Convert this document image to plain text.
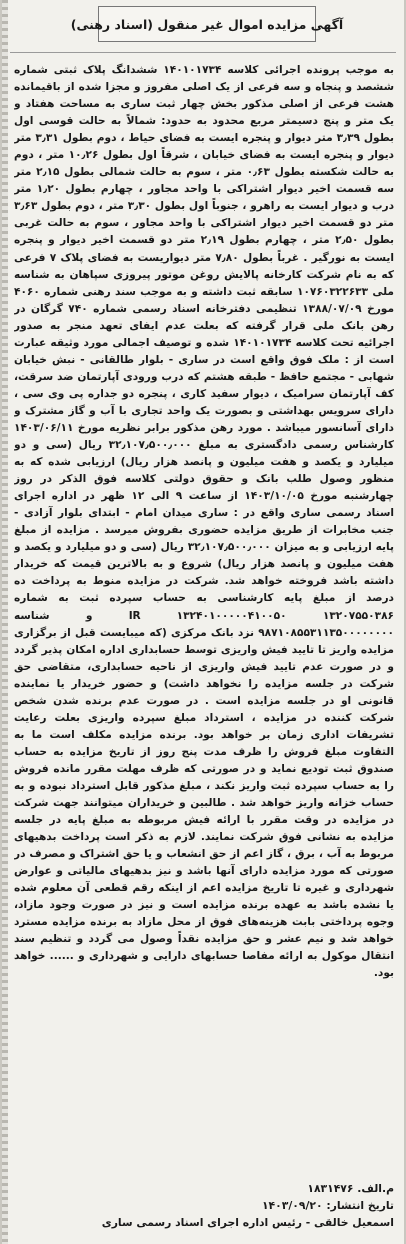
آگهی مزایده اموال غیر منقول (اسناد رهنی)

به موجب پرونده اجرائی کلاسه ۱۴۰۱۰۱۷۳۴ ششدانگ پلاک ثبتی شماره ششصد و پنجاه و سه فرعی از یک اصلی مفروز و مجزا شده از باقیمانده هشت فرعی از اصلی مذکور بخش چهار ثبت ساری به مساحت هفتاد و یک متر و پنج دسیمتر مربع محدود به حدود: شمالاً به حالت قوسی اول بطول ۳٫۳۹ متر دیوار و پنجره ایست به فضای حیاط ، دوم بطول ۳٫۳۱ متر دیوار و پنجره ایست به فضای خیابان ، شرقاً اول بطول ۱۰٫۲۶ متر ، دوم به حالت شکسته بطول ۰٫۶۳ متر ، سوم به حالت شمالی بطول ۲٫۱۵ متر سه قسمت اخیر دیوار اشتراکی با واحد مجاور ، چهارم بطول ۱٫۲۰ متر درب و دیوار ایست به راهرو ، جنوباً اول بطول ۳٫۳۰ متر ، دوم بطول ۳٫۶۳ متر دو قسمت اخیر دیوار اشتراکی با واحد مجاور ، سوم به حالت غربی بطول ۲٫۵۰ متر ، چهارم بطول ۲٫۱۹ متر دو قسمت اخیر دیوار و پنجره ایست به نورگیر . غرباً بطول ۷٫۸۰ متر دیواریست به فضای پلاک ۷ فرعی که به نام شرکت کارخانه پالایش روغن موتور پیروزی سپاهان به شناسه ملی ۱۰۷۶۰۳۲۲۶۳۳ سابقه ثبت داشته و به موجب سند رهنی شماره ۴۰۶۰ مورخ ۱۳۸۸/۰۷/۰۹ تنظیمی دفترخانه اسناد رسمی شماره ۷۴۰ گرگان در رهن بانک ملی قرار گرفته که بعلت عدم ایفای تعهد منجر به صدور اجرائیه تحت کلاسه ۱۴۰۱۰۱۷۳۴ شده و توصیف اجمالی مورد وثیقه عبارت است از : ملک فوق واقع است در ساری - بلوار طالقانی - نبش خیابان شهابی - مجتمع حافظ - طبقه هشتم که درب ورودی آپارتمان ضد سرقت، کف آپارتمان سرامیک ، دیوار سفید کاری ، پنجره دو جداره پی وی سی ، دارای سرویس بهداشتی و بصورت یک واحد تجاری با آب و گاز مشترک و دارای آسانسور میباشد . مورد رهن مذکور برابر نظریه مورخ ۱۴۰۳/۰۶/۱۱ کارشناس رسمی دادگستری به مبلغ ۳۲٫۱۰۷٫۵۰۰٫۰۰۰ ریال (سی و دو میلیارد و یکصد و هفت میلیون و پانصد هزار ریال) ارزیابی شده که به منظور وصول طلب بانک و حقوق دولتی کلاسه فوق الذکر در روز چهارشنبه مورخ ۱۴۰۳/۱۰/۰۵ از ساعت ۹ الی ۱۲ ظهر در اداره اجرای اسناد رسمی ساری واقع در : ساری میدان امام - ابتدای بلوار آزادی - جنب مخابرات از طریق مزایده حضوری بفروش میرسد . مزایده از مبلغ پایه ارزیابی و به میزان ۳۲٫۱۰۷٫۵۰۰٫۰۰۰ ریال (سی و دو میلیارد و یکصد و هفت میلیون و پانصد هزار ریال) شروع و به بالاترین قیمت که خریدار داشته باشد فروخته خواهد شد. شرکت در مزایده منوط به پرداخت ده درصد از مبلغ پایه کارشناسی به حساب سپرده ثبت به شماره ۱۳۲۰۷۵۵۰۳۸۶ IR ۱۳۲۴۰۱۰۰۰۰۰۴۱۰۰۵۰ و شناسه ۹۸۷۱۰۸۵۵۳۱۱۳۵۰۰۰۰۰۰۰۰ نزد بانک مرکزی (که میبایست قبل از برگزاری مزایده واریز تا تایید فیش واریزی توسط حسابداری اداره امکان پذیر گردد و در صورت عدم تایید فیش واریزی از ناحیه حسابداری، متقاضی حق شرکت در جلسه مزایده را نخواهد داشت) و حضور خریدار یا نماینده قانونی او در جلسه مزایده است . در صورت عدم برنده شدن شخص شرکت کننده در مزایده ، استرداد مبلغ سپرده واریزی بعلت رعایت تشریفات اداری زمان بر خواهد بود. برنده مزایده مکلف است ما به التفاوت مبلغ فروش را ظرف مدت پنج روز از تاریخ مزایده به حساب صندوق ثبت تودیع نماید و در صورتی که ظرف مهلت مقرر مانده فروش را به حساب سپرده ثبت واریز نکند ، مبلغ مذکور قابل استرداد نبوده و به حساب خزانه واریز خواهد شد . طالبین و خریداران میتوانند جهت شرکت در مزایده در وقت مقرر با ارائه فیش مربوطه به مبلغ پایه در جلسه مزایده به نشانی فوق شرکت نمایند. لازم به ذکر است پرداخت بدهیهای مربوط به آب ، برق ، گاز اعم از حق انشعاب و یا حق اشتراک و مصرف در صورتی که مورد مزایده دارای آنها باشد و نیز بدهیهای مالیاتی و عوارض شهرداری و غیره تا تاریخ مزایده اعم از اینکه رقم قطعی آن معلوم شده یا نشده باشد به عهده برنده مزایده است و نیز در صورت وجود مازاد، وجوه پرداختی بابت هزینه‌های فوق از محل مازاد به برنده مزایده مسترد خواهد شد و نیم عشر و حق مزایده نقداً وصول می گردد و تنظیم سند انتقال موکول به ارائه مفاصا حسابهای دارایی و شهرداری و ...... خواهد بود.

م.الف. ۱۸۳۱۴۷۶
تاریخ انتشار: ۱۴۰۳/۰۹/۲۰
اسمعیل خالقی - رئیس اداره اجرای اسناد رسمی ساری
